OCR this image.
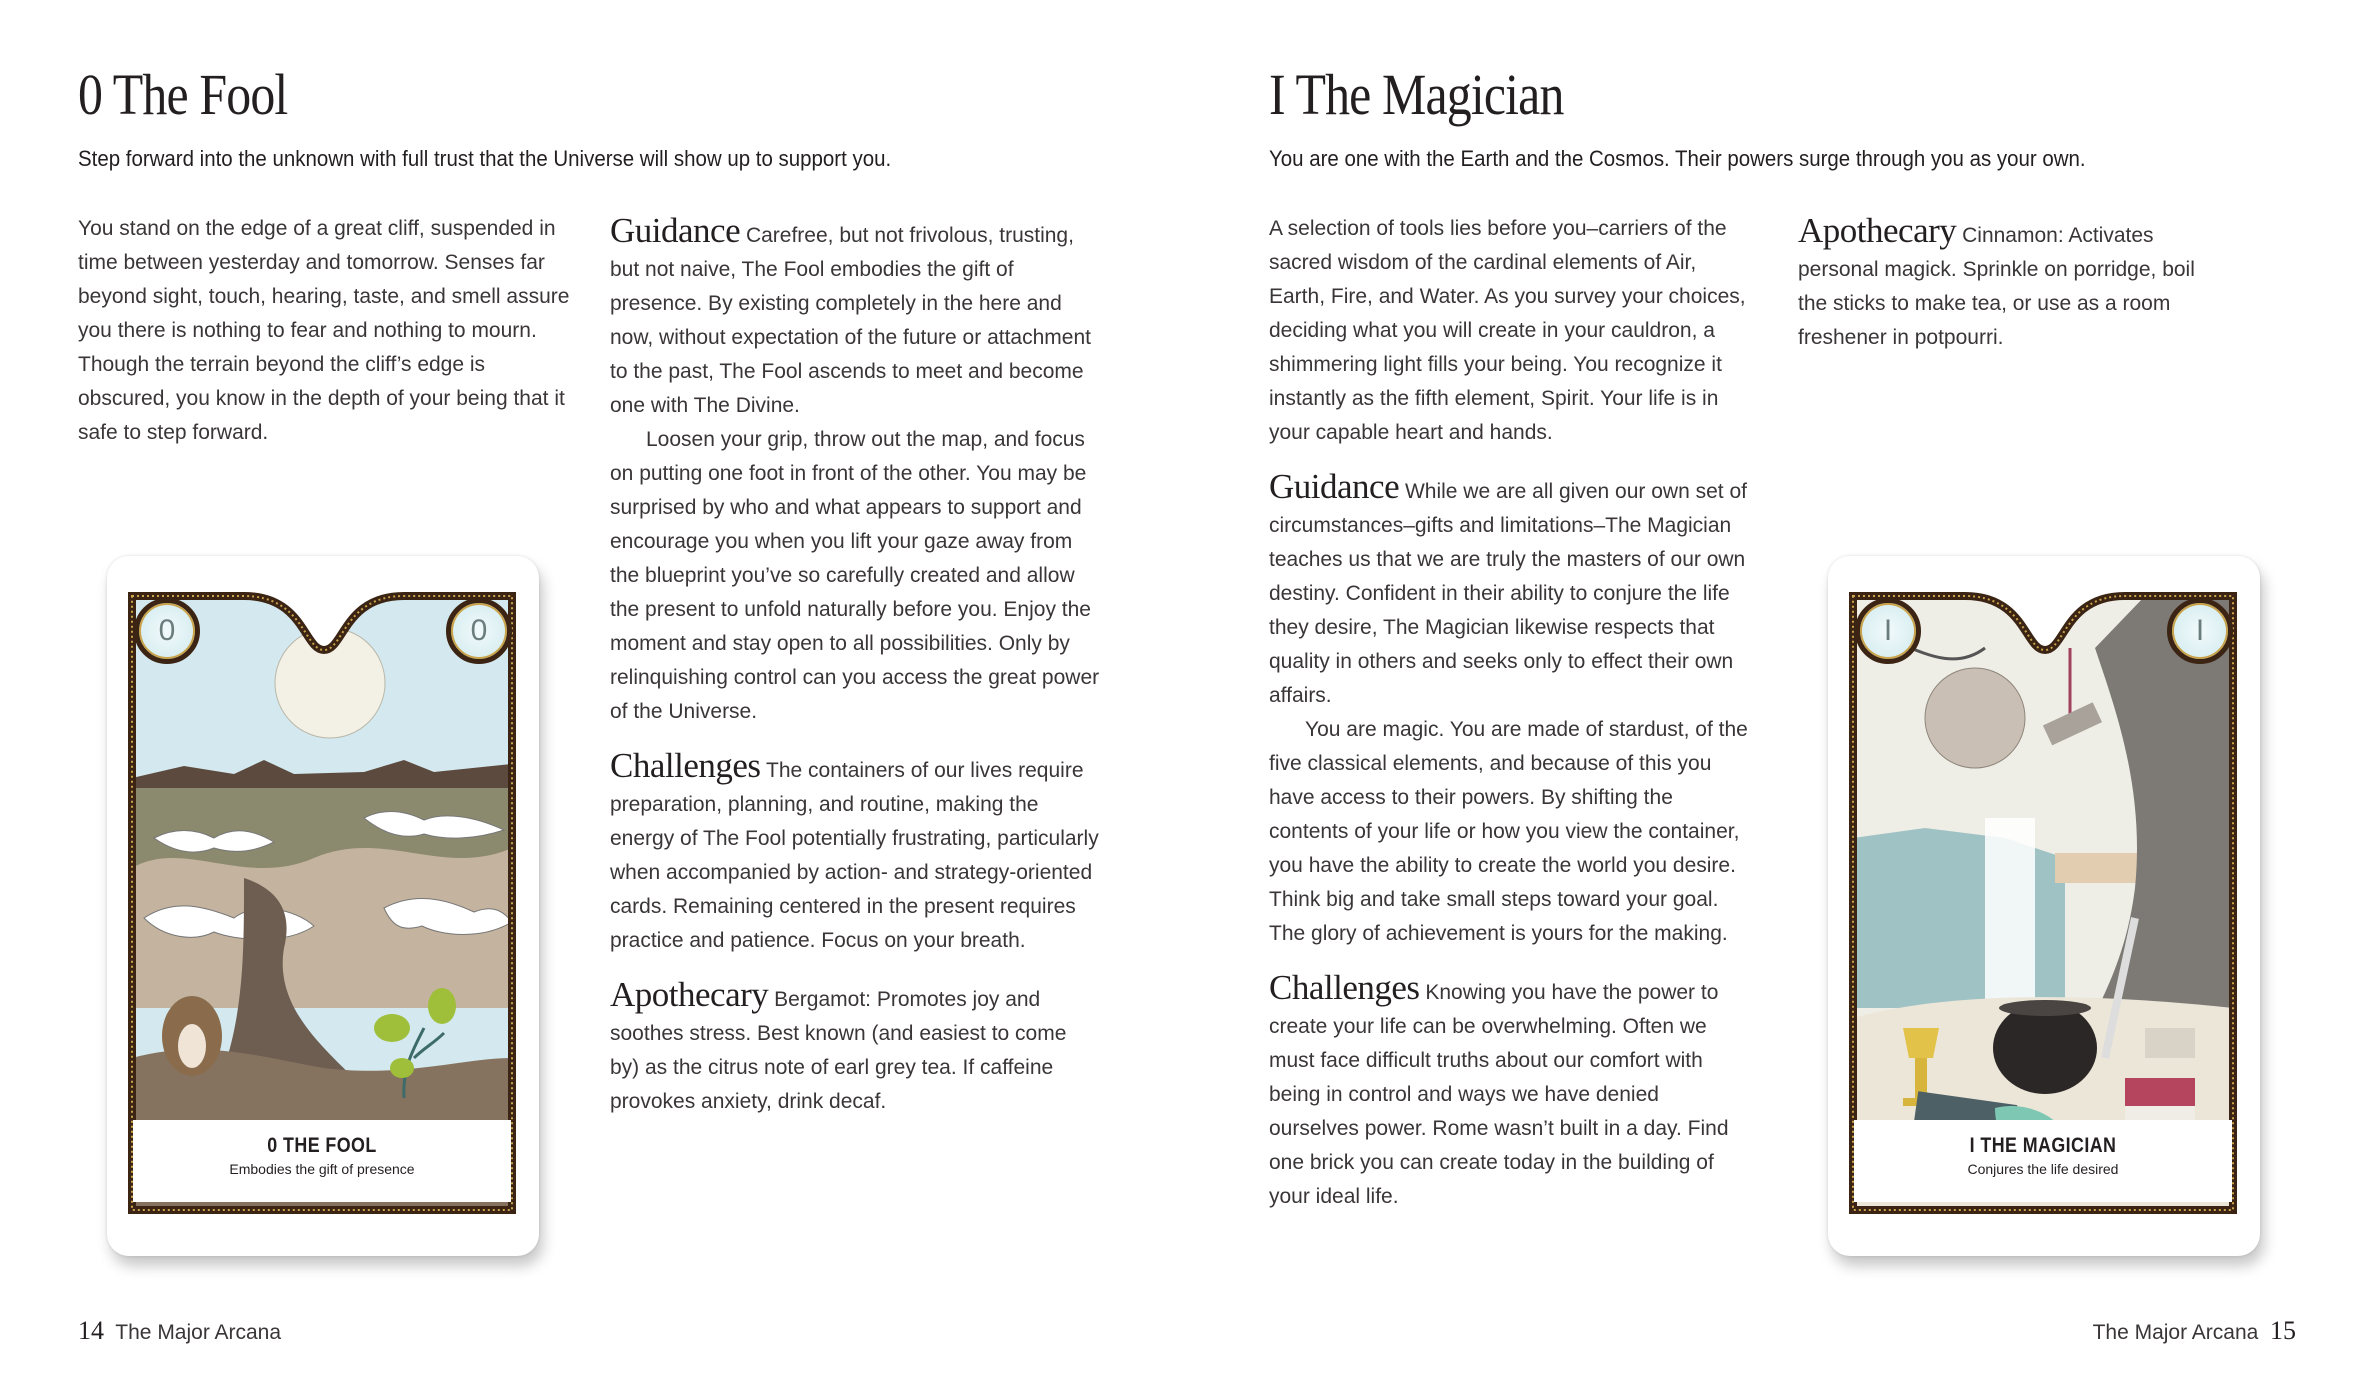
0 The Fool

Step forward into the unknown with full trust that the Universe will show up to support you.

You stand on the edge of a great cliff, suspended in time between yesterday and tomorrow. Senses far beyond sight, touch, hearing, taste, and smell assure you there is nothing to fear and nothing to mourn. Though the terrain beyond the cliff’s edge is obscured, you know in the depth of your being that it safe to step forward.

Guidance Carefree, but not frivolous, trusting, but not naive, The Fool embodies the gift of presence. By existing completely in the here and now, without expectation of the future or attachment to the past, The Fool ascends to meet and become one with The Divine.

Loosen your grip, throw out the map, and focus on putting one foot in front of the other. You may be surprised by who and what appears to support and encourage you when you lift your gaze away from the blueprint you’ve so carefully created and allow the present to unfold naturally before you. Enjoy the moment and stay open to all possibilities. Only by relinquishing control can you access the great power of the Universe.

Challenges The containers of our lives require preparation, planning, and routine, making the energy of The Fool potentially frustrating, particularly when accompanied by action- and strategy-oriented cards. Remaining centered in the present requires practice and patience. Focus on your breath.

Apothecary Bergamot: Promotes joy and soothes stress. Best known (and easiest to come by) as the citrus note of earl grey tea. If caffeine provokes anxiety, drink decaf.

0	0
0 THE FOOL
Embodies the gift of presence
14 The Major Arcana
I The Magician

You are one with the Earth and the Cosmos. Their powers surge through you as your own.

A selection of tools lies before you–carriers of the sacred wisdom of the cardinal elements of Air, Earth, Fire, and Water. As you survey your choices, deciding what you will create in your cauldron, a shimmering light fills your being. You recognize it instantly as the fifth element, Spirit. Your life is in your capable heart and hands.

Guidance While we are all given our own set of circumstances–gifts and limitations–The Magician teaches us that we are truly the masters of our own destiny. Confident in their ability to conjure the life they desire, The Magician likewise respects that quality in others and seeks only to effect their own affairs.

You are magic. You are made of stardust, of the five classical elements, and because of this you have access to their powers. By shifting the contents of your life or how you view the container, you have the ability to create the world you desire. Think big and take small steps toward your goal. The glory of achievement is yours for the making.

Challenges Knowing you have the power to create your life can be overwhelming. Often we must face difficult truths about our comfort with being in control and ways we have denied ourselves power. Rome wasn’t built in a day. Find one brick you can create today in the building of your ideal life.

Apothecary Cinnamon: Activates personal magick. Sprinkle on porridge, boil the sticks to make tea, or use as a room freshener in potpourri.

I	I
I THE MAGICIAN
Conjures the life desired
The Major Arcana 15
